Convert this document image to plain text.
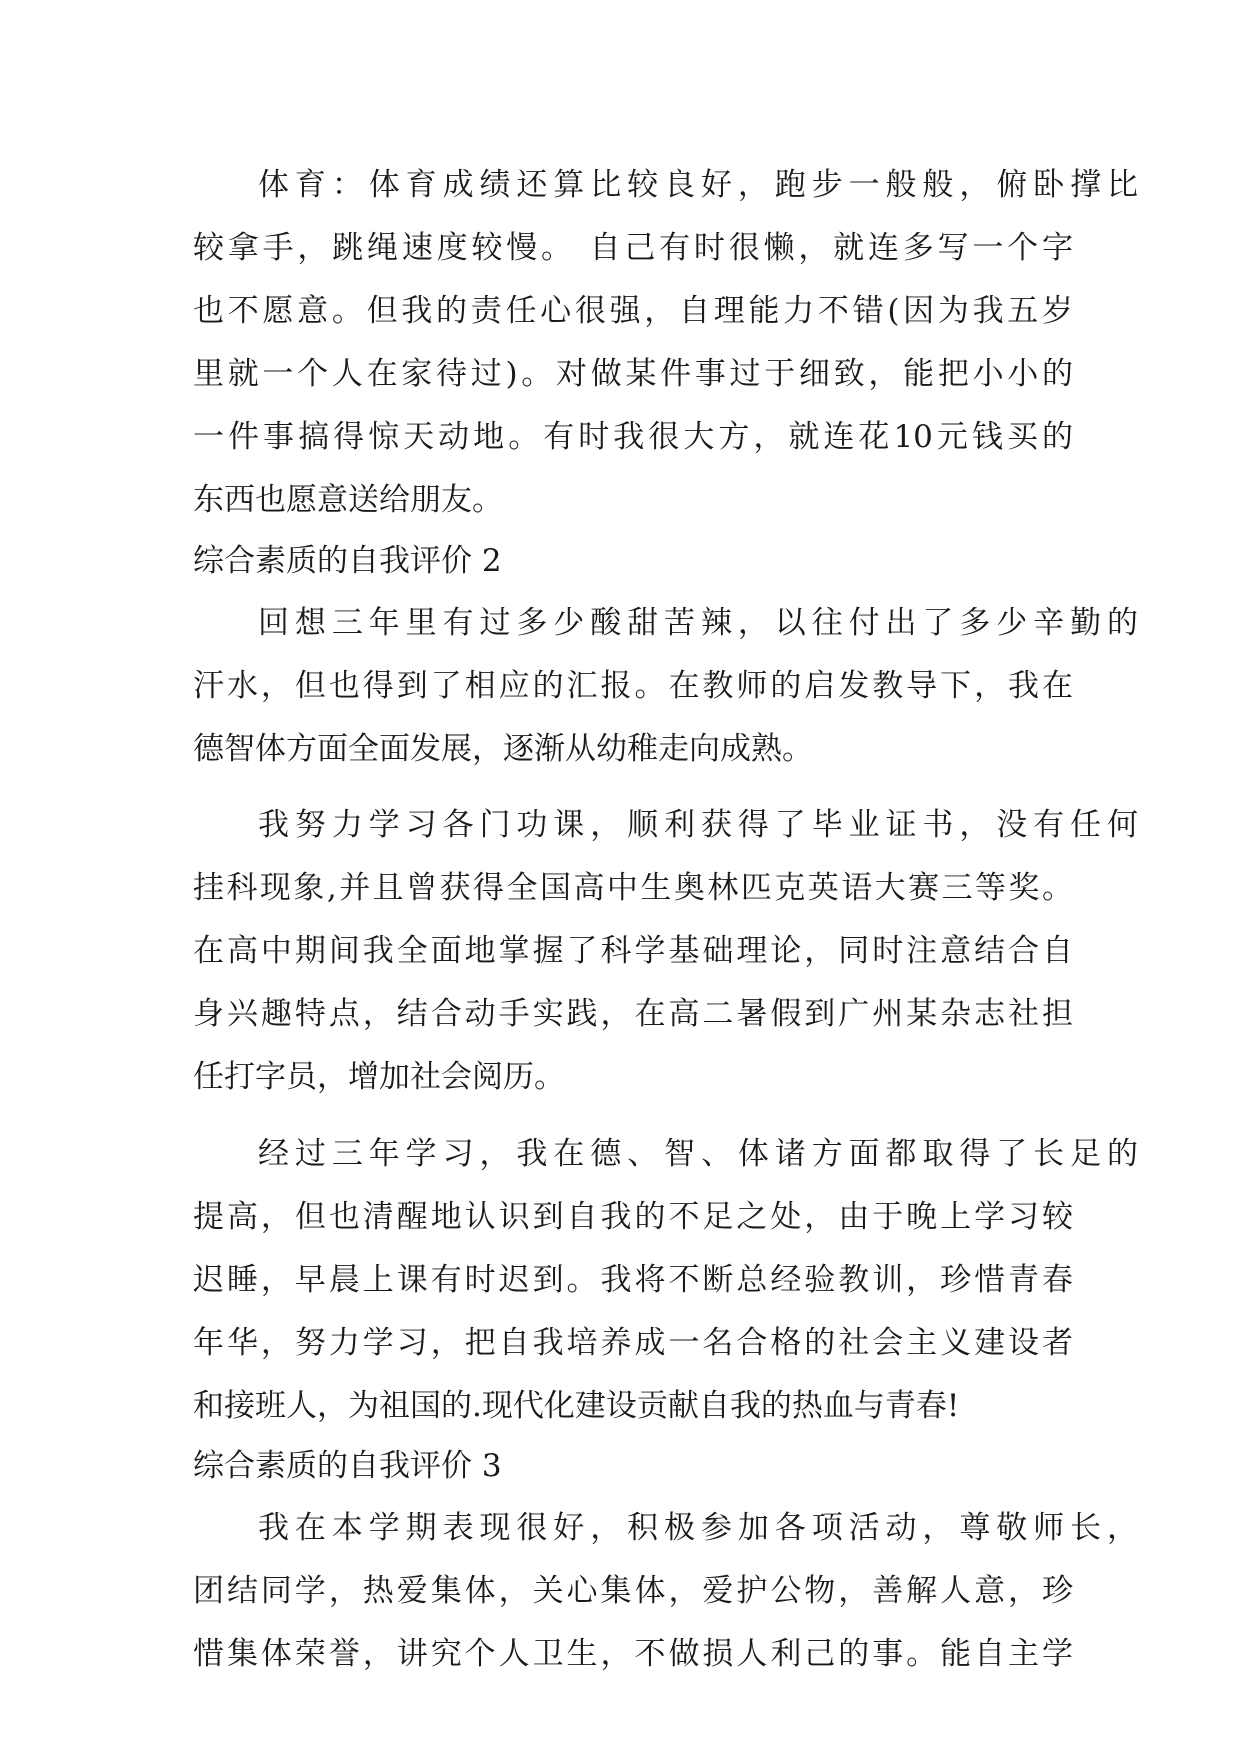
体育：体育成绩还算比较良好，跑步一般般，俯卧撑比
较拿手，跳绳速度较慢。 自己有时很懒，就连多写一个字
也不愿意。但我的责任心很强，自理能力不错(因为我五岁
里就一个人在家待过)。对做某件事过于细致，能把小小的
一件事搞得惊天动地。有时我很大方，就连花10元钱买的
东西也愿意送给朋友。
综合素质的自我评价 2
回想三年里有过多少酸甜苦辣，以往付出了多少辛勤的
汗水，但也得到了相应的汇报。在教师的启发教导下，我在
德智体方面全面发展，逐渐从幼稚走向成熟。
我努力学习各门功课，顺利获得了毕业证书，没有任何
挂科现象,并且曾获得全国高中生奥林匹克英语大赛三等奖。
在高中期间我全面地掌握了科学基础理论，同时注意结合自
身兴趣特点，结合动手实践，在高二暑假到广州某杂志社担
任打字员，增加社会阅历。
经过三年学习，我在德、智、体诸方面都取得了长足的
提高，但也清醒地认识到自我的不足之处，由于晚上学习较
迟睡，早晨上课有时迟到。我将不断总经验教训，珍惜青春
年华，努力学习，把自我培养成一名合格的社会主义建设者
和接班人，为祖国的.现代化建设贡献自我的热血与青春!
综合素质的自我评价 3
我在本学期表现很好，积极参加各项活动，尊敬师长，
团结同学，热爱集体，关心集体，爱护公物，善解人意，珍
惜集体荣誉，讲究个人卫生，不做损人利己的事。能自主学
